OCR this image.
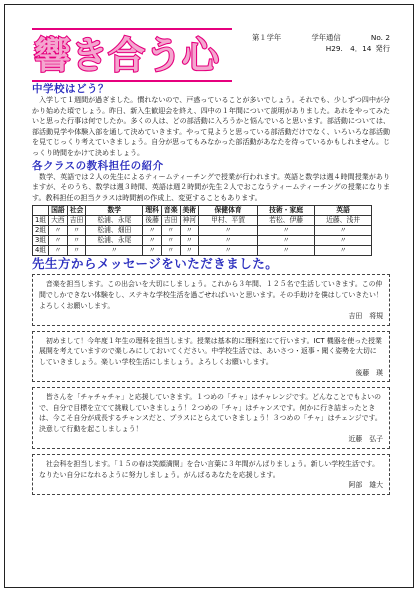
響き合う心	第１学年	学年通信	No. 2
H29.　4．14 発行
中学校はどう？

入学して１週間が過ぎました。慣れないので、戸惑っていることが多いでしょう。それでも、少しずつ四中が分かり始めた頃でしょう。昨日、新入生歓迎会を終え、四中の１年間について説明がありました。あれをやってみたいと思った行事は何でしたか。多くの人は、どの部活動に入ろうかと悩んでいると思います。部活動については、部活動見学や体験入部を通して決めていきます。やって見ようと思っている部活動だけでなく、いろいろな部活動を見てじっくり考えていきましょう。自分が思ってもみなかった部活動があなたを待っているかもしれません。じっくり時間をかけて決めましょう。

各クラスの教科担任の紹介

数学、英語では２人の先生によるティームティーチングで授業が行われます。英語と数学は週４時間授業がありますが、そのうち、数学は週３時間、英語は週２時間が先生２人でおこなうティームティーチングの授業になります。教科担任の担当クラスは時間割の作成上、変更することもあります。

	国語	社会	数学	理科	音楽	美術	保健体育	技術・家庭	英語
1組	大西	吉田	松浦、永尾	後藤	吉田	神河	甲村、平賀	若松、伊藤	近藤、浅井
2組	〃	〃	松浦、畑田	〃	〃	〃	〃	〃	〃
3組	〃	〃	松浦、永尾	〃	〃	〃	〃	〃	〃
4組	〃	〃	〃	〃	〃	〃	〃	〃	〃
先生方からメッセージをいただきました。

音楽を担当します。この出会いを大切にしましょう。これから３年間、１２５名で生活していきます。この仲間でしかできない体験をし、ステキな学校生活を過ごせればいいと思います。その手助けを僕はしていきたい！よろしくお願いします。

吉田　将規

初めまして！今年度１年生の理科を担当します。授業は基本的に理科室にて行います。ICT 機器を使った授業展開を考えていますので楽しみにしておいてください。中学校生活では、あいさつ・返事・聞く姿勢を大切にしていきましょう。楽しい学校生活にしましょう。よろしくお願いします。

後藤　瑛

皆さんを「チャチャチャ」と応援していきます。１つめの「チャ」はチャレンジです。どんなことでもよいので、自分で目標を立てて挑戦していきましょう！２つめの「チャ」はチャンスです。何かに行き詰まったときは、今こそ自分が成長するチャンスだと、プラスにとらえていきましょう！３つめの「チャ」はチェンジです。決意して行動を起こしましょう！

近藤　弘子

社会科を担当します。「１５の春は笑顔満開」を合い言葉に３年間がんばりましょう。新しい学校生活です。なりたい自分になれるように努力しましょう。がんばるあなたを応援します。

阿部　雄大
